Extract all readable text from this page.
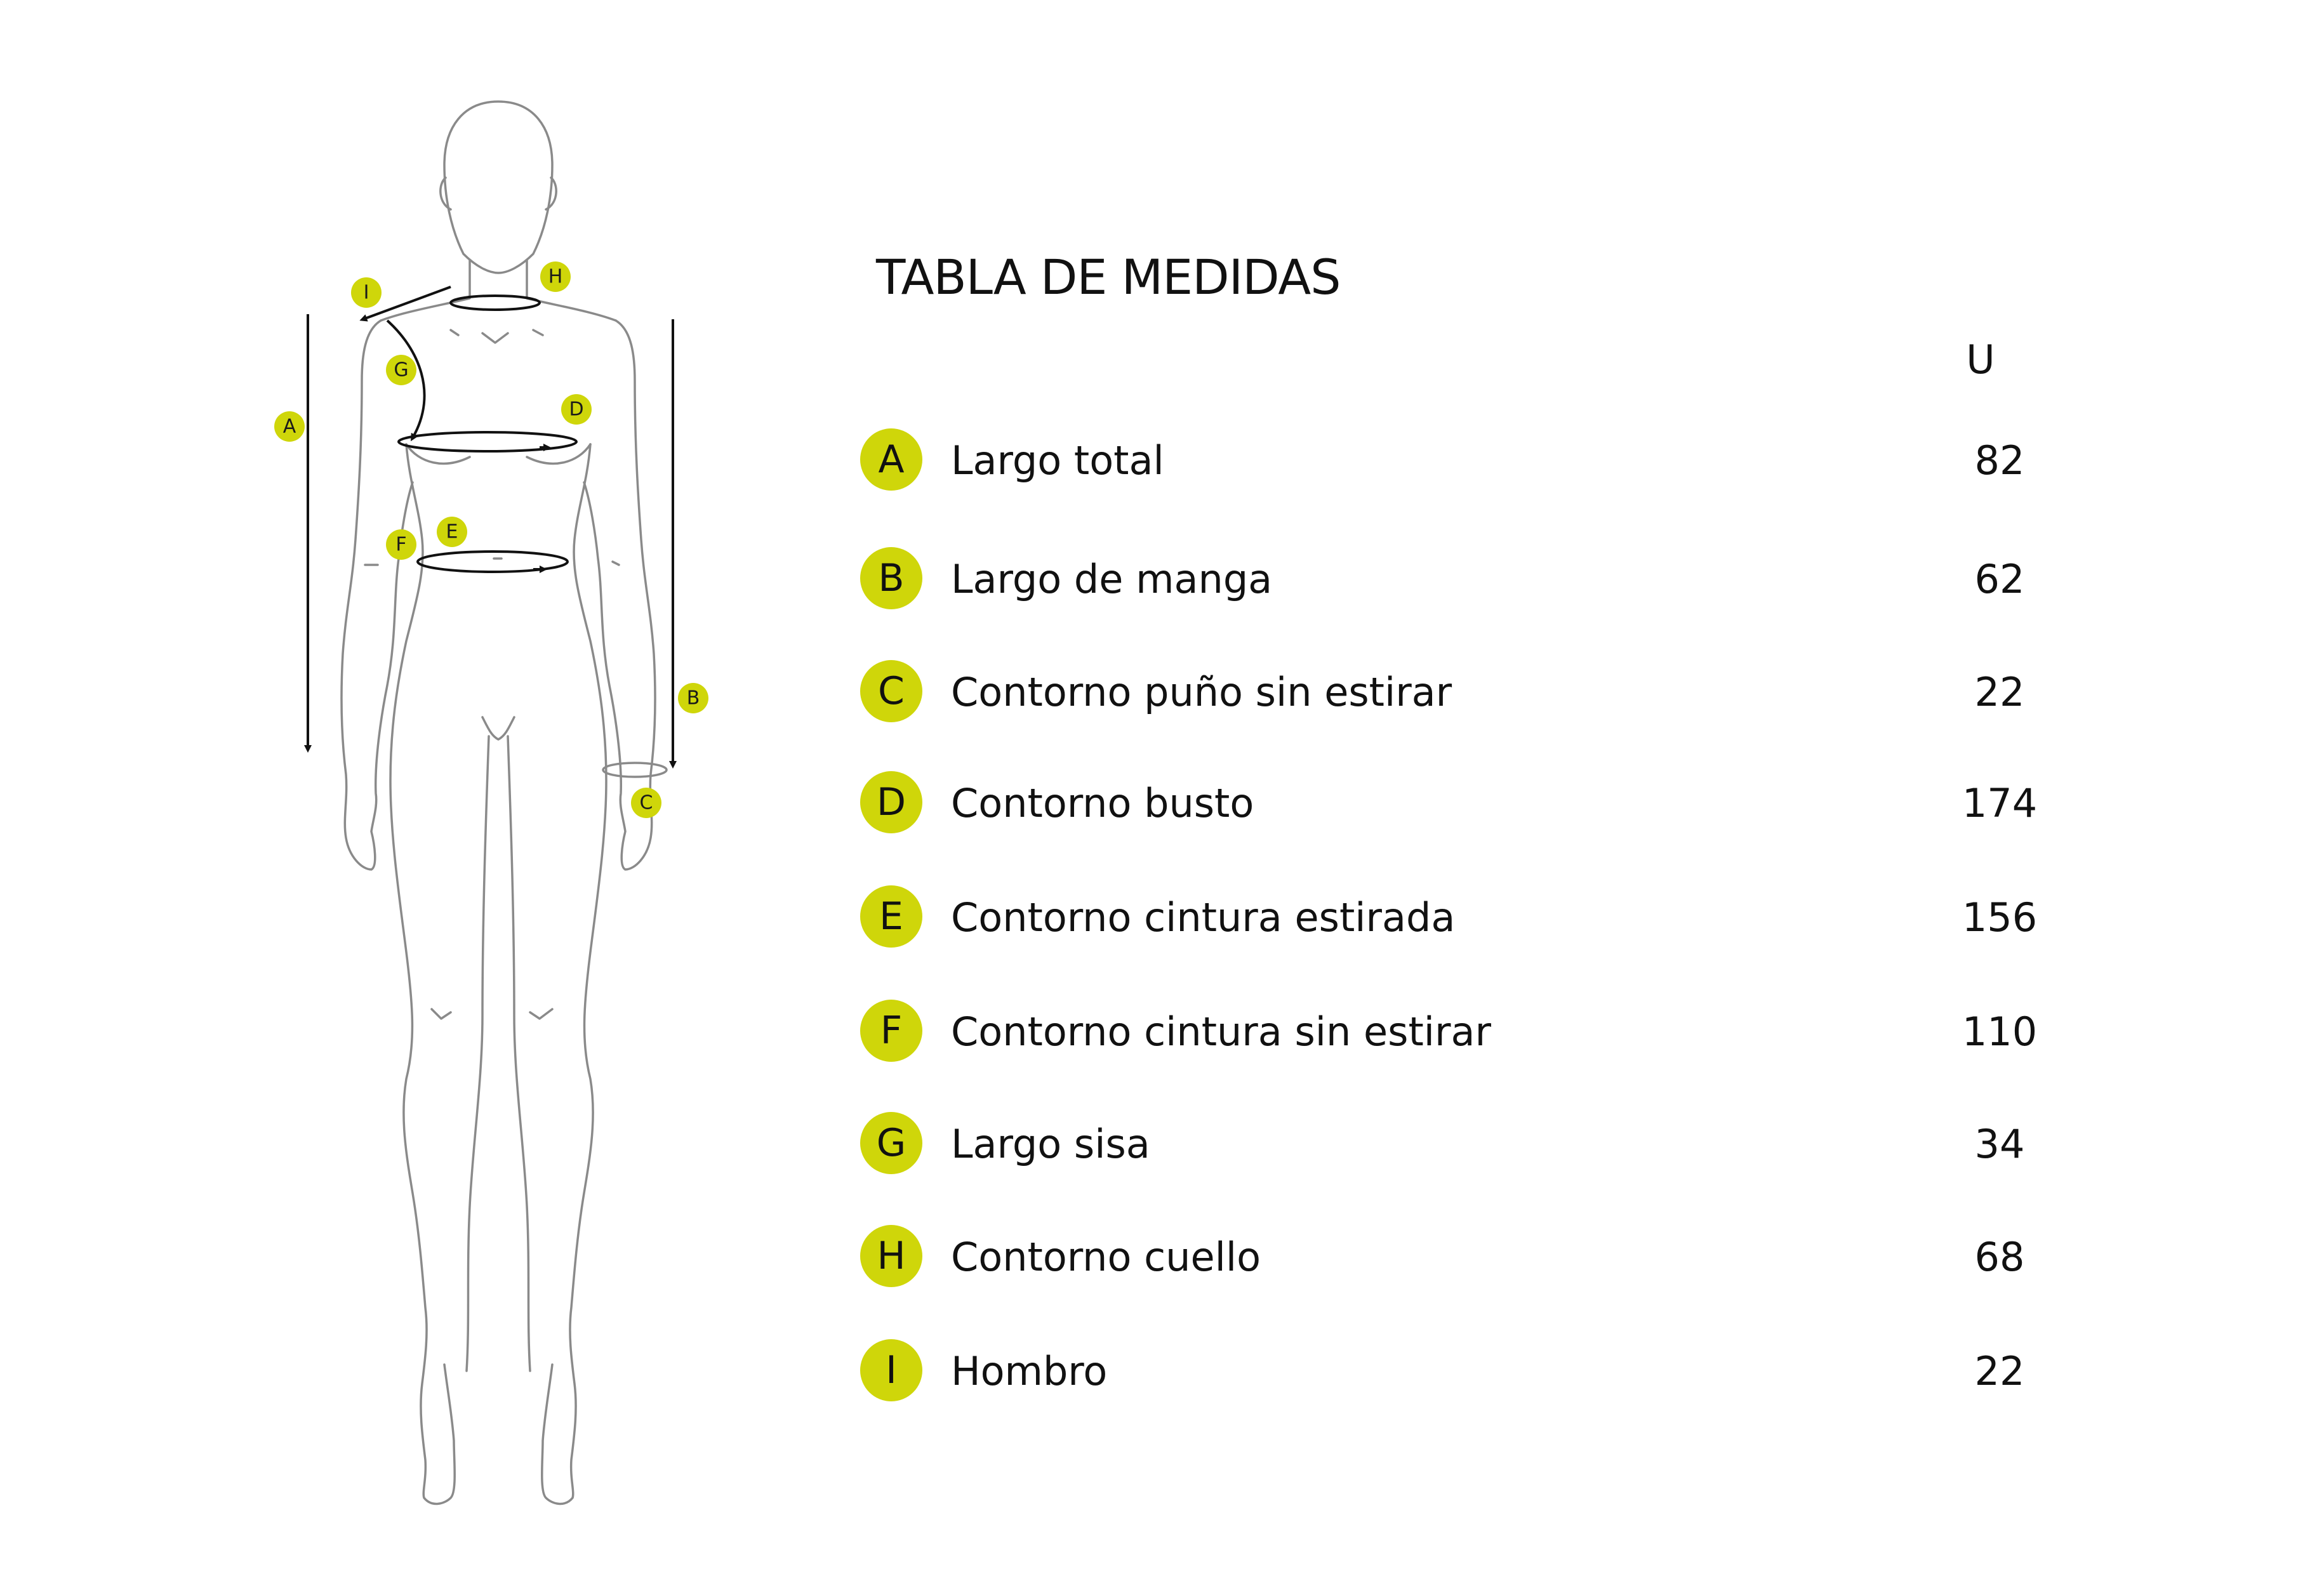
A
B
C
D
E
F
G
H
I	TABLA DE MEDIDAS
U
A	Largo total	82
B	Largo de manga	62
C	Contorno puño sin estirar	22
D	Contorno busto	174
E	Contorno cintura estirada	156
F	Contorno cintura sin estirar	110
G	Largo sisa	34
H	Contorno cuello	68
I	Hombro	22
